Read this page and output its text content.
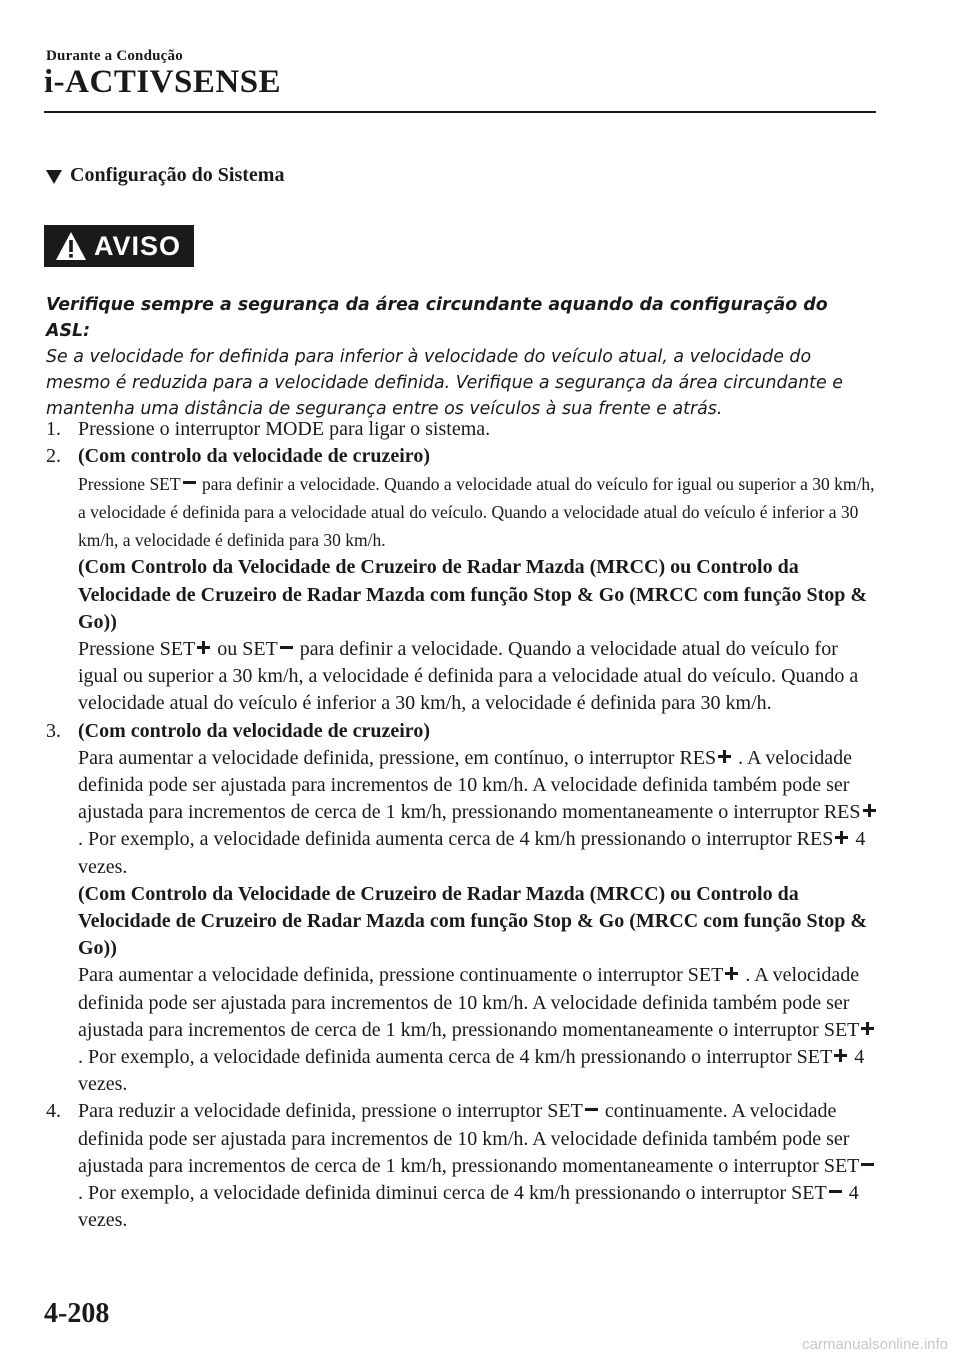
Durante a Condução
i-ACTIVSENSE
Configuração do Sistema
AVISO
Verifique sempre a segurança da área circundante aquando da configuração do ASL:
Se a velocidade for definida para inferior à velocidade do veículo atual, a velocidade do mesmo é reduzida para a velocidade definida. Verifique a segurança da área circundante e mantenha uma distância de segurança entre os veículos à sua frente e atrás.
1. Pressione o interruptor MODE para ligar o sistema.
2. (Com controlo da velocidade de cruzeiro)
Pressione SET para definir a velocidade. Quando a velocidade atual do veículo for igual ou superior a 30 km/h, a velocidade é definida para a velocidade atual do veículo. Quando a velocidade atual do veículo é inferior a 30 km/h, a velocidade é definida para 30 km/h.
(Com Controlo da Velocidade de Cruzeiro de Radar Mazda (MRCC) ou Controlo da Velocidade de Cruzeiro de Radar Mazda com função Stop & Go (MRCC com função Stop & Go))
Pressione SET ou SET para definir a velocidade. Quando a velocidade atual do veículo for igual ou superior a 30 km/h, a velocidade é definida para a velocidade atual do veículo. Quando a velocidade atual do veículo é inferior a 30 km/h, a velocidade é definida para 30 km/h.
3. (Com controlo da velocidade de cruzeiro)
Para aumentar a velocidade definida, pressione, em contínuo, o interruptor RES . A velocidade definida pode ser ajustada para incrementos de 10 km/h. A velocidade definida também pode ser ajustada para incrementos de cerca de 1 km/h, pressionando momentaneamente o interruptor RES . Por exemplo, a velocidade definida aumenta cerca de 4 km/h pressionando o interruptor RES 4 vezes.
(Com Controlo da Velocidade de Cruzeiro de Radar Mazda (MRCC) ou Controlo da Velocidade de Cruzeiro de Radar Mazda com função Stop & Go (MRCC com função Stop & Go))
Para aumentar a velocidade definida, pressione continuamente o interruptor SET . A velocidade definida pode ser ajustada para incrementos de 10 km/h. A velocidade definida também pode ser ajustada para incrementos de cerca de 1 km/h, pressionando momentaneamente o interruptor SET . Por exemplo, a velocidade definida aumenta cerca de 4 km/h pressionando o interruptor SET 4 vezes.
4. Para reduzir a velocidade definida, pressione o interruptor SET continuamente. A velocidade definida pode ser ajustada para incrementos de 10 km/h. A velocidade definida também pode ser ajustada para incrementos de cerca de 1 km/h, pressionando momentaneamente o interruptor SET . Por exemplo, a velocidade definida diminui cerca de 4 km/h pressionando o interruptor SET 4 vezes.
4-208
carmanualsonline.info
